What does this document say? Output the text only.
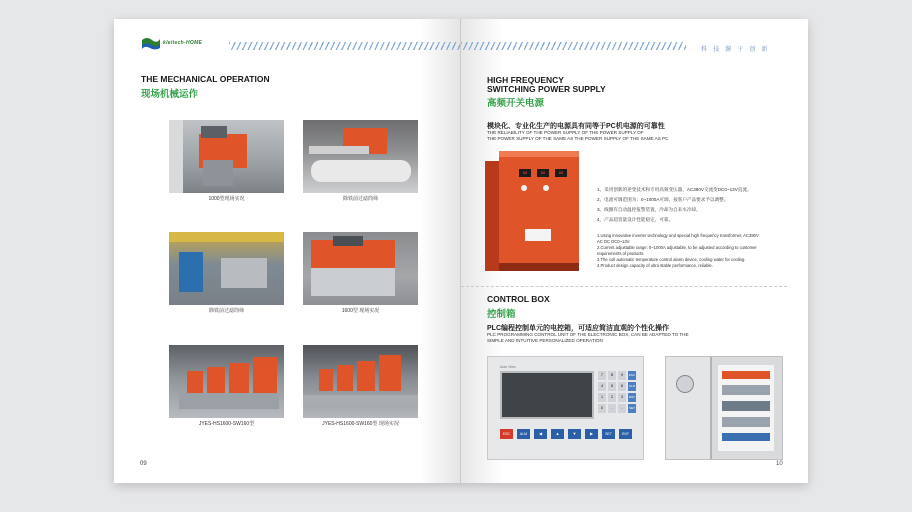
kleitech-HOME
THE MECHANICAL OPERATION
现场机械运作
1000型现场实况	除铁前过滤筒筛
除铁前过滤筒筛	1600型 现场实况
JYES-HS1600-SW160型	JYES-HS1600-SW160型 现场实况
09
科 技 源 于 创 新
HIGH FREQUENCY
SWITCHING POWER SUPPLY
高频开关电源
模块化、专业化生产的电源具有同等于PC机电源的可靠性
THE RELIABILITY OF THE POWER SUPPLY OF THE POWER SUPPLY OF
THE POWER SUPPLY OF THE SAME AS THE POWER SUPPLY OF THE SAME AS PC
88	88	88
1、采用创新的逆变技术和专用高频变压器，AC380V交流变DC0~13V直流。
2、电流可调范围为：0~1000A可调，按客户产品要求予以调整。
3、线圈有自动温控报警装置，冷却为自来水冷却。
4、产品超容量设计性能稳定，可靠。
1.Using innovative inverter technology and special high frequency transformer, AC380V
AC DC DC0~13V.
2.Current adjustable range: 0~1000A adjustable, to be adjusted according to customer
requirements of products.
3.The coil automatic temperature control alarm device, cooling water for cooling.
4.Product design capacity of ultra stable performance, reliable.
CONTROL BOX
控制箱
PLC编程控制单元的电控箱，可适应简洁直观的个性化操作
PLC PROGRAMMING CONTROL UNIT OF THE ELECTRONIC BOX, CAN BE ADAPTED TO THE
SIMPLE AND INTUITIVE PERSONALIZED OPERATION
Auto View
7	8	9	ESC
4	5	6	CLR
1	2	3	ENT
0	.	-	SET
ESC	ALM	◀	▲	▼	▶	SET	ENT
10
